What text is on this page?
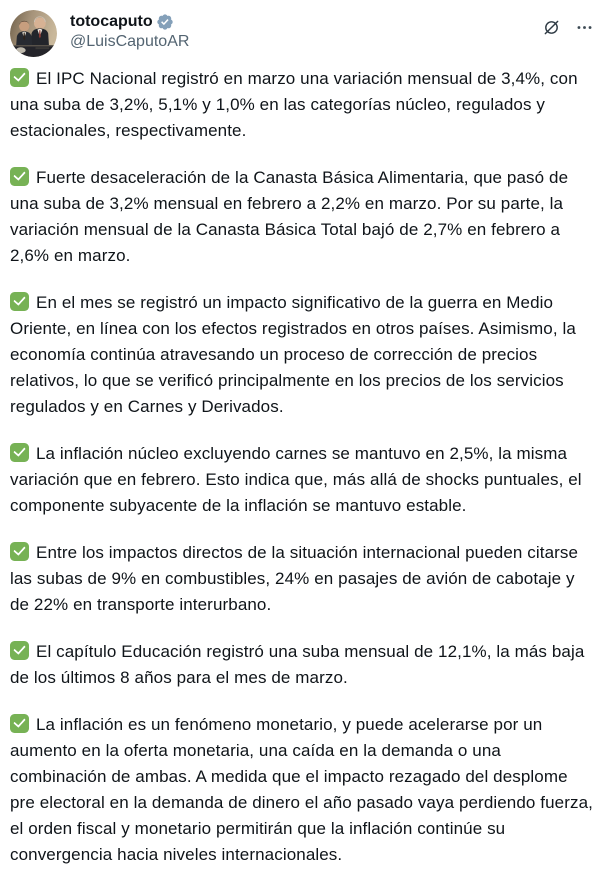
totocaputo
@LuisCaputoAR

El IPC Nacional registró en marzo una variación mensual de 3,4%, con una suba de 3,2%, 5,1% y 1,0% en las categorías núcleo, regulados y estacionales, respectivamente.

Fuerte desaceleración de la Canasta Básica Alimentaria, que pasó de una suba de 3,2% mensual en febrero a 2,2% en marzo. Por su parte, la variación mensual de la Canasta Básica Total bajó de 2,7% en febrero a 2,6% en marzo.

En el mes se registró un impacto significativo de la guerra en Medio Oriente, en línea con los efectos registrados en otros países. Asimismo, la economía continúa atravesando un proceso de corrección de precios relativos, lo que se verificó principalmente en los precios de los servicios regulados y en Carnes y Derivados.

La inflación núcleo excluyendo carnes se mantuvo en 2,5%, la misma variación que en febrero. Esto indica que, más allá de shocks puntuales, el componente subyacente de la inflación se mantuvo estable.

Entre los impactos directos de la situación internacional pueden citarse las subas de 9% en combustibles, 24% en pasajes de avión de cabotaje y de 22% en transporte interurbano.

El capítulo Educación registró una suba mensual de 12,1%, la más baja de los últimos 8 años para el mes de marzo.

La inflación es un fenómeno monetario, y puede acelerarse por un aumento en la oferta monetaria, una caída en la demanda o una combinación de ambas. A medida que el impacto rezagado del desplome pre electoral en la demanda de dinero el año pasado vaya perdiendo fuerza, el orden fiscal y monetario permitirán que la inflación continúe su convergencia hacia niveles internacionales.
